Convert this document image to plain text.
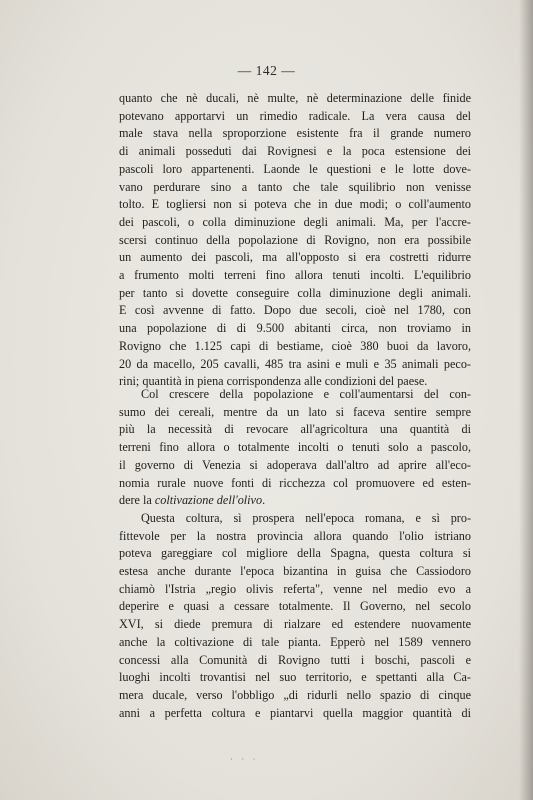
— 142 —
quanto che nè ducali, nè multe, nè determinazione delle finide
potevano apportarvi un rimedio radicale. La vera causa del
male stava nella sproporzione esistente fra il grande numero
di animali posseduti dai Rovignesi e la poca estensione dei
pascoli loro appartenenti. Laonde le questioni e le lotte dove-
vano perdurare sino a tanto che tale squilibrio non venisse
tolto. E togliersi non si poteva che in due modi; o coll'aumento
dei pascoli, o colla diminuzione degli animali. Ma, per l'accre-
scersi continuo della popolazione di Rovigno, non era possibile
un aumento dei pascoli, ma all'opposto si era costretti ridurre
a frumento molti terreni fino allora tenuti incolti. L'equilibrio
per tanto si dovette conseguire colla diminuzione degli animali.
E così avvenne di fatto. Dopo due secoli, cioè nel 1780, con
una popolazione di di 9.500 abitanti circa, non troviamo in
Rovigno che 1.125 capi di bestiame, cioè 380 buoi da lavoro,
20 da macello, 205 cavalli, 485 tra asini e muli e 35 animali peco-
rini; quantità in piena corrispondenza alle condizioni del paese.
Col crescere della popolazione e coll'aumentarsi del con-
sumo dei cereali, mentre da un lato si faceva sentire sempre
più la necessità di revocare all'agricoltura una quantità di
terreni fino allora o totalmente incolti o tenuti solo a pascolo,
il governo di Venezia si adoperava dall'altro ad aprire all'eco-
nomia rurale nuove fonti di ricchezza col promuovere ed esten-
dere la coltivazione dell'olivo.
Questa coltura, sì prospera nell'epoca romana, e sì pro-
fittevole per la nostra provincia allora quando l'olio istriano
poteva gareggiare col migliore della Spagna, questa coltura si
estesa anche durante l'epoca bizantina in guisa che Cassiodoro
chiamò l'Istria „regio olivis referta", venne nel medio evo a
deperire e quasi a cessare totalmente. Il Governo, nel secolo
XVI, si diede premura di rialzare ed estendere nuovamente
anche la coltivazione di tale pianta. Epperò nel 1589 vennero
concessi alla Comunità di Rovigno tutti i boschi, pascoli e
luoghi incolti trovantisi nel suo territorio, e spettanti alla Ca-
mera ducale, verso l'obbligo „di ridurli nello spazio di cinque
anni a perfetta coltura e piantarvi quella maggior quantità di
· · ·
